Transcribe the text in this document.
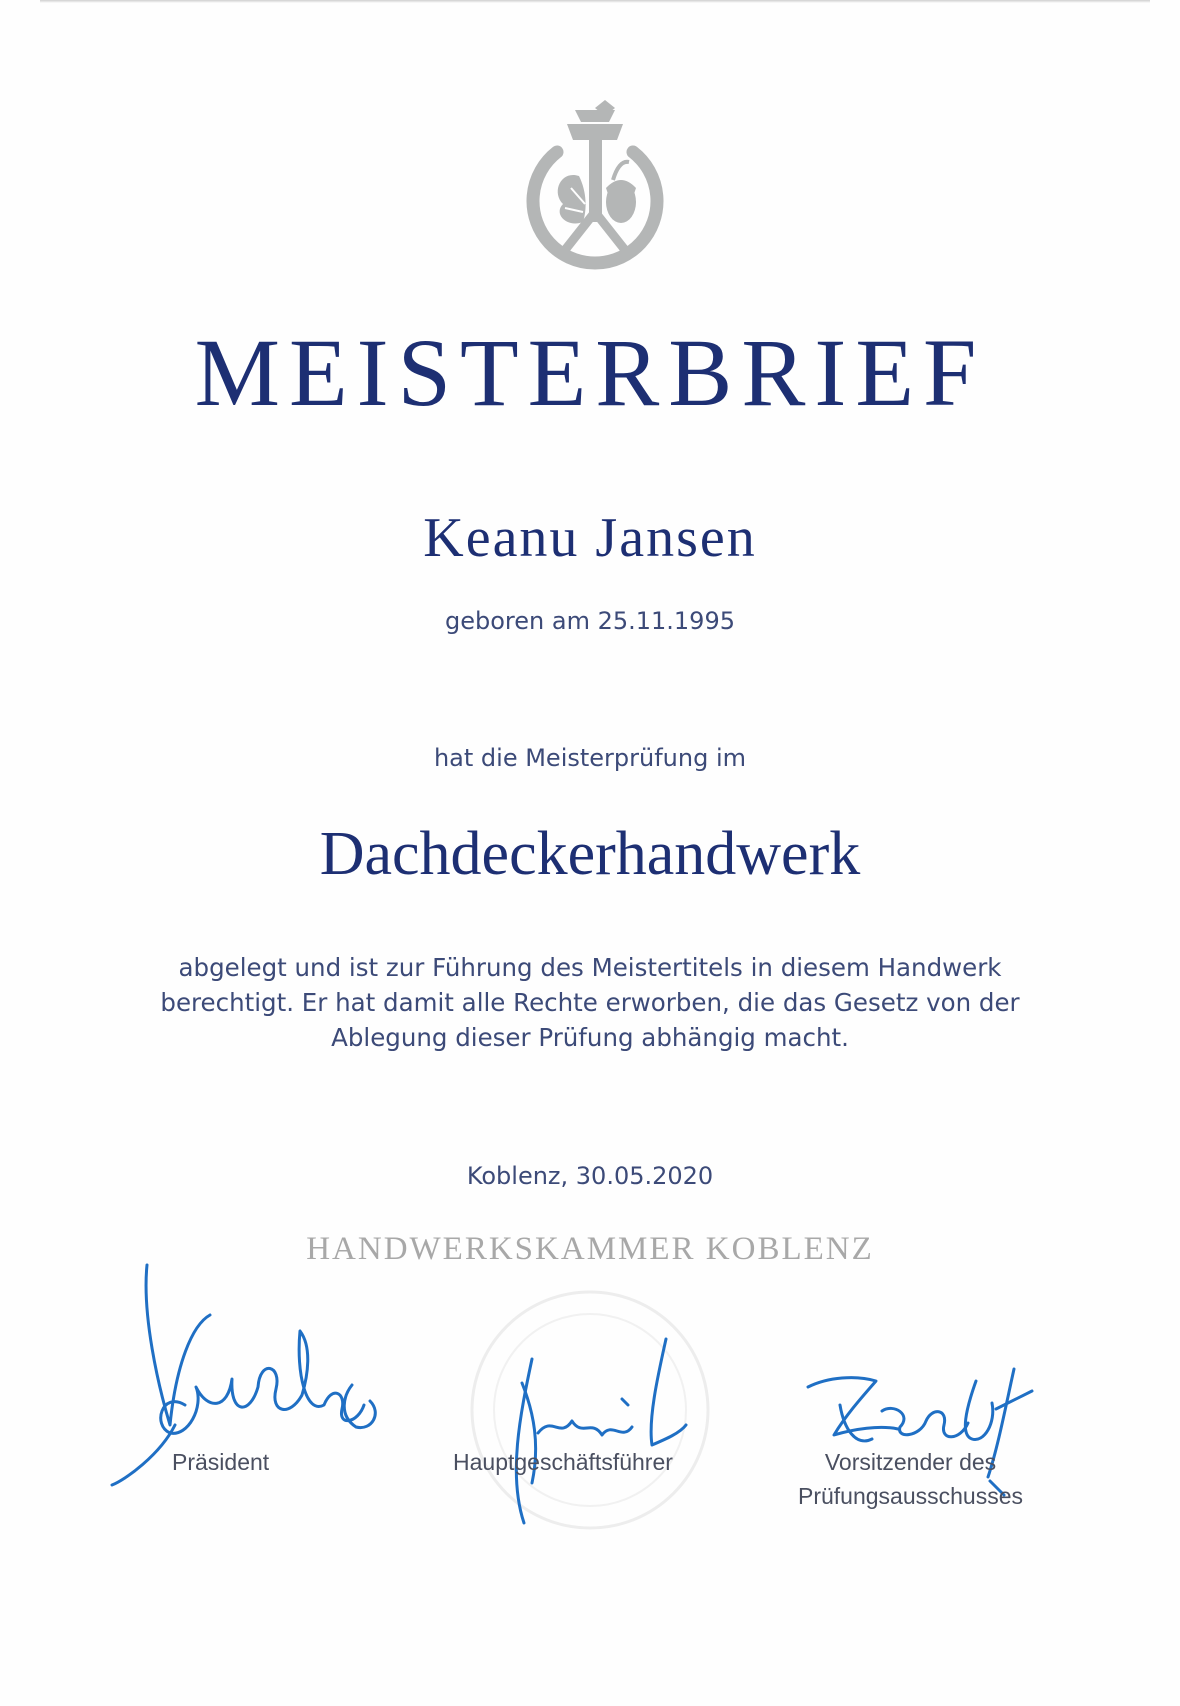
MEISTERBRIEF
Keanu Jansen
geboren am 25.11.1995
hat die Meisterprüfung im
Dachdeckerhandwerk
abgelegt und ist zur Führung des Meistertitels in diesem Handwerk
berechtigt. Er hat damit alle Rechte erworben, die das Gesetz von der
Ablegung dieser Prüfung abhängig macht.
Koblenz, 30.05.2020
HANDWERKSKAMMER KOBLENZ
Präsident	Hauptgeschäftsführer	Vorsitzender des
Prüfungsausschusses
